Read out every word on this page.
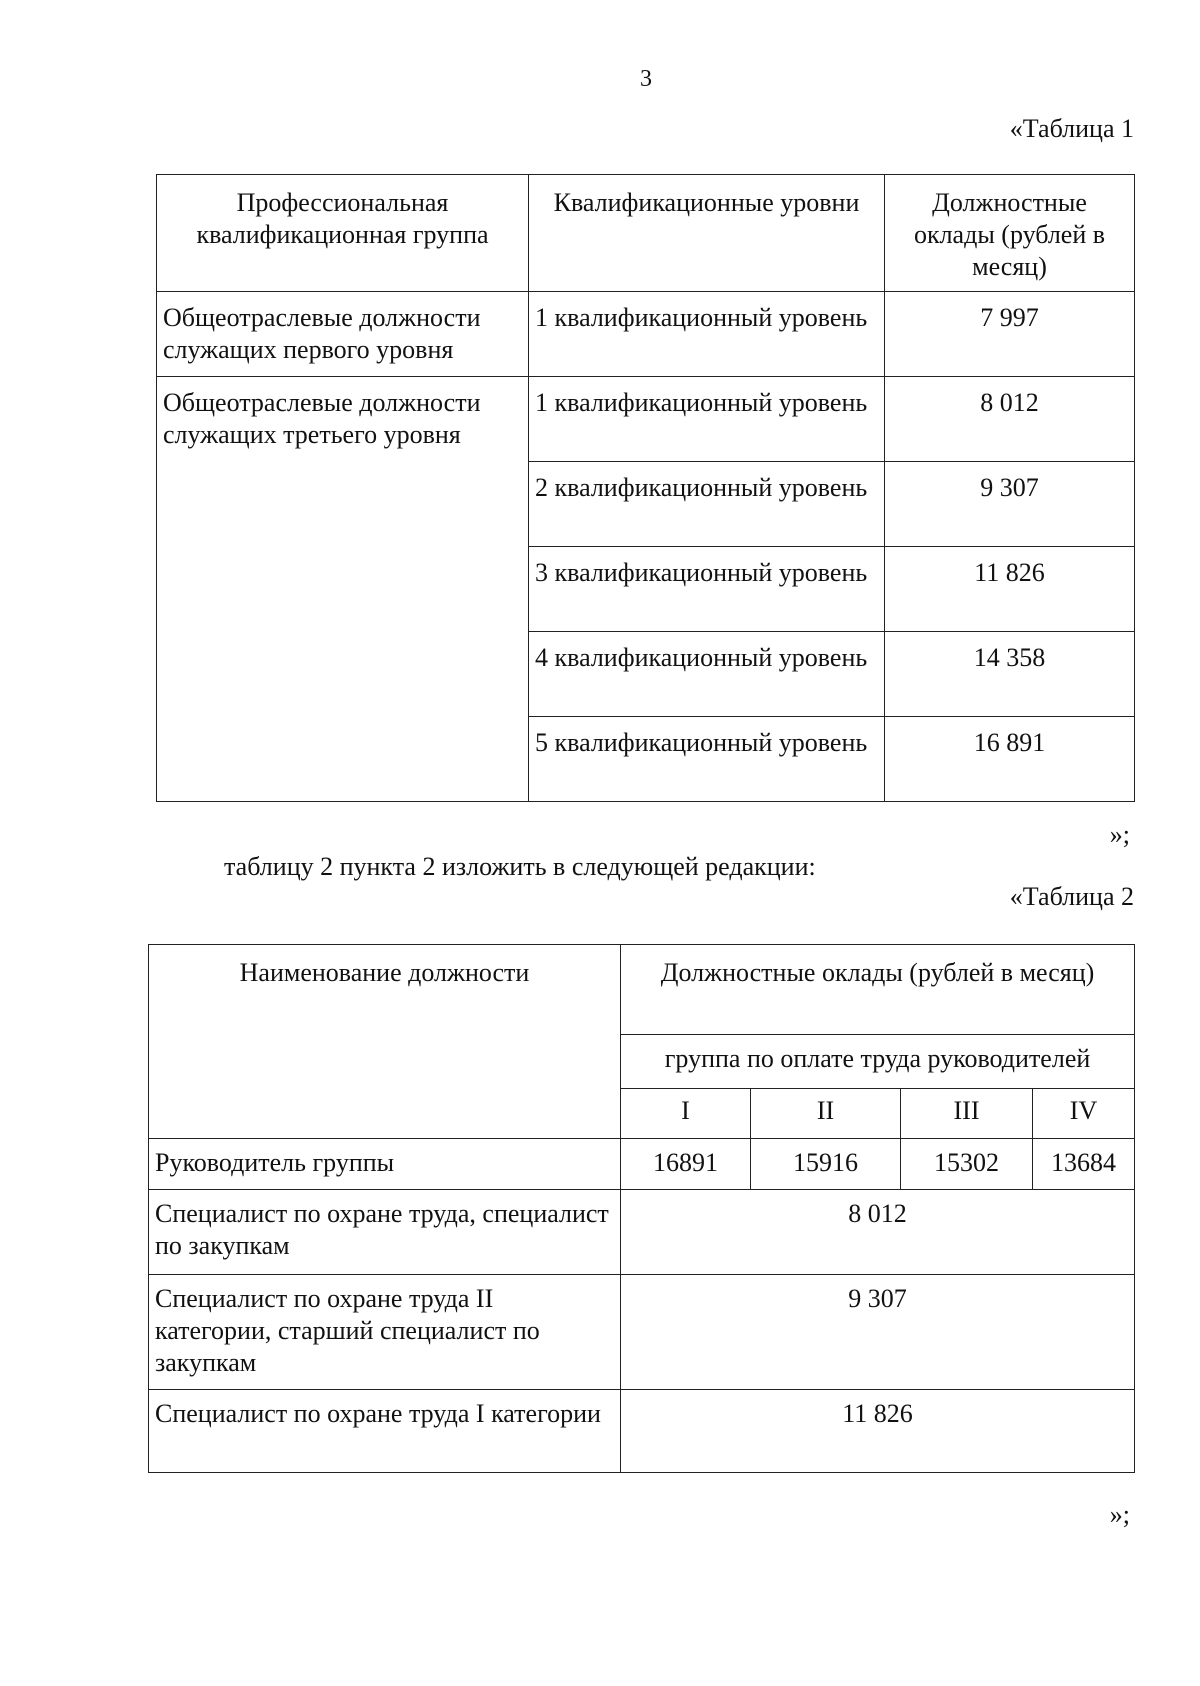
3
«Таблица 1
Профессиональная квалификационная группа	Квалификационные уровни	Должностные оклады (рублей в месяц)
Общеотраслевые должности служащих первого уровня	1 квалификационный уровень	7 997
Общеотраслевые должности служащих третьего уровня	1 квалификационный уровень	8 012
	2 квалификационный уровень	9 307
	3 квалификационный уровень	11 826
	4 квалификационный уровень	14 358
	5 квалификационный уровень	16 891
»;
таблицу 2 пункта 2 изложить в следующей редакции:
«Таблица 2
Наименование должности	Должностные оклады (рублей в месяц)			
	группа по оплате труда руководителей			
	I	II	III	IV
Руководитель группы	16891	15916	15302	13684
Специалист по охране труда, специалист по закупкам	8 012			
Специалист по охране труда II категории, старший специалист по закупкам	9 307			
Специалист по охране труда I категории	11 826			
»;
